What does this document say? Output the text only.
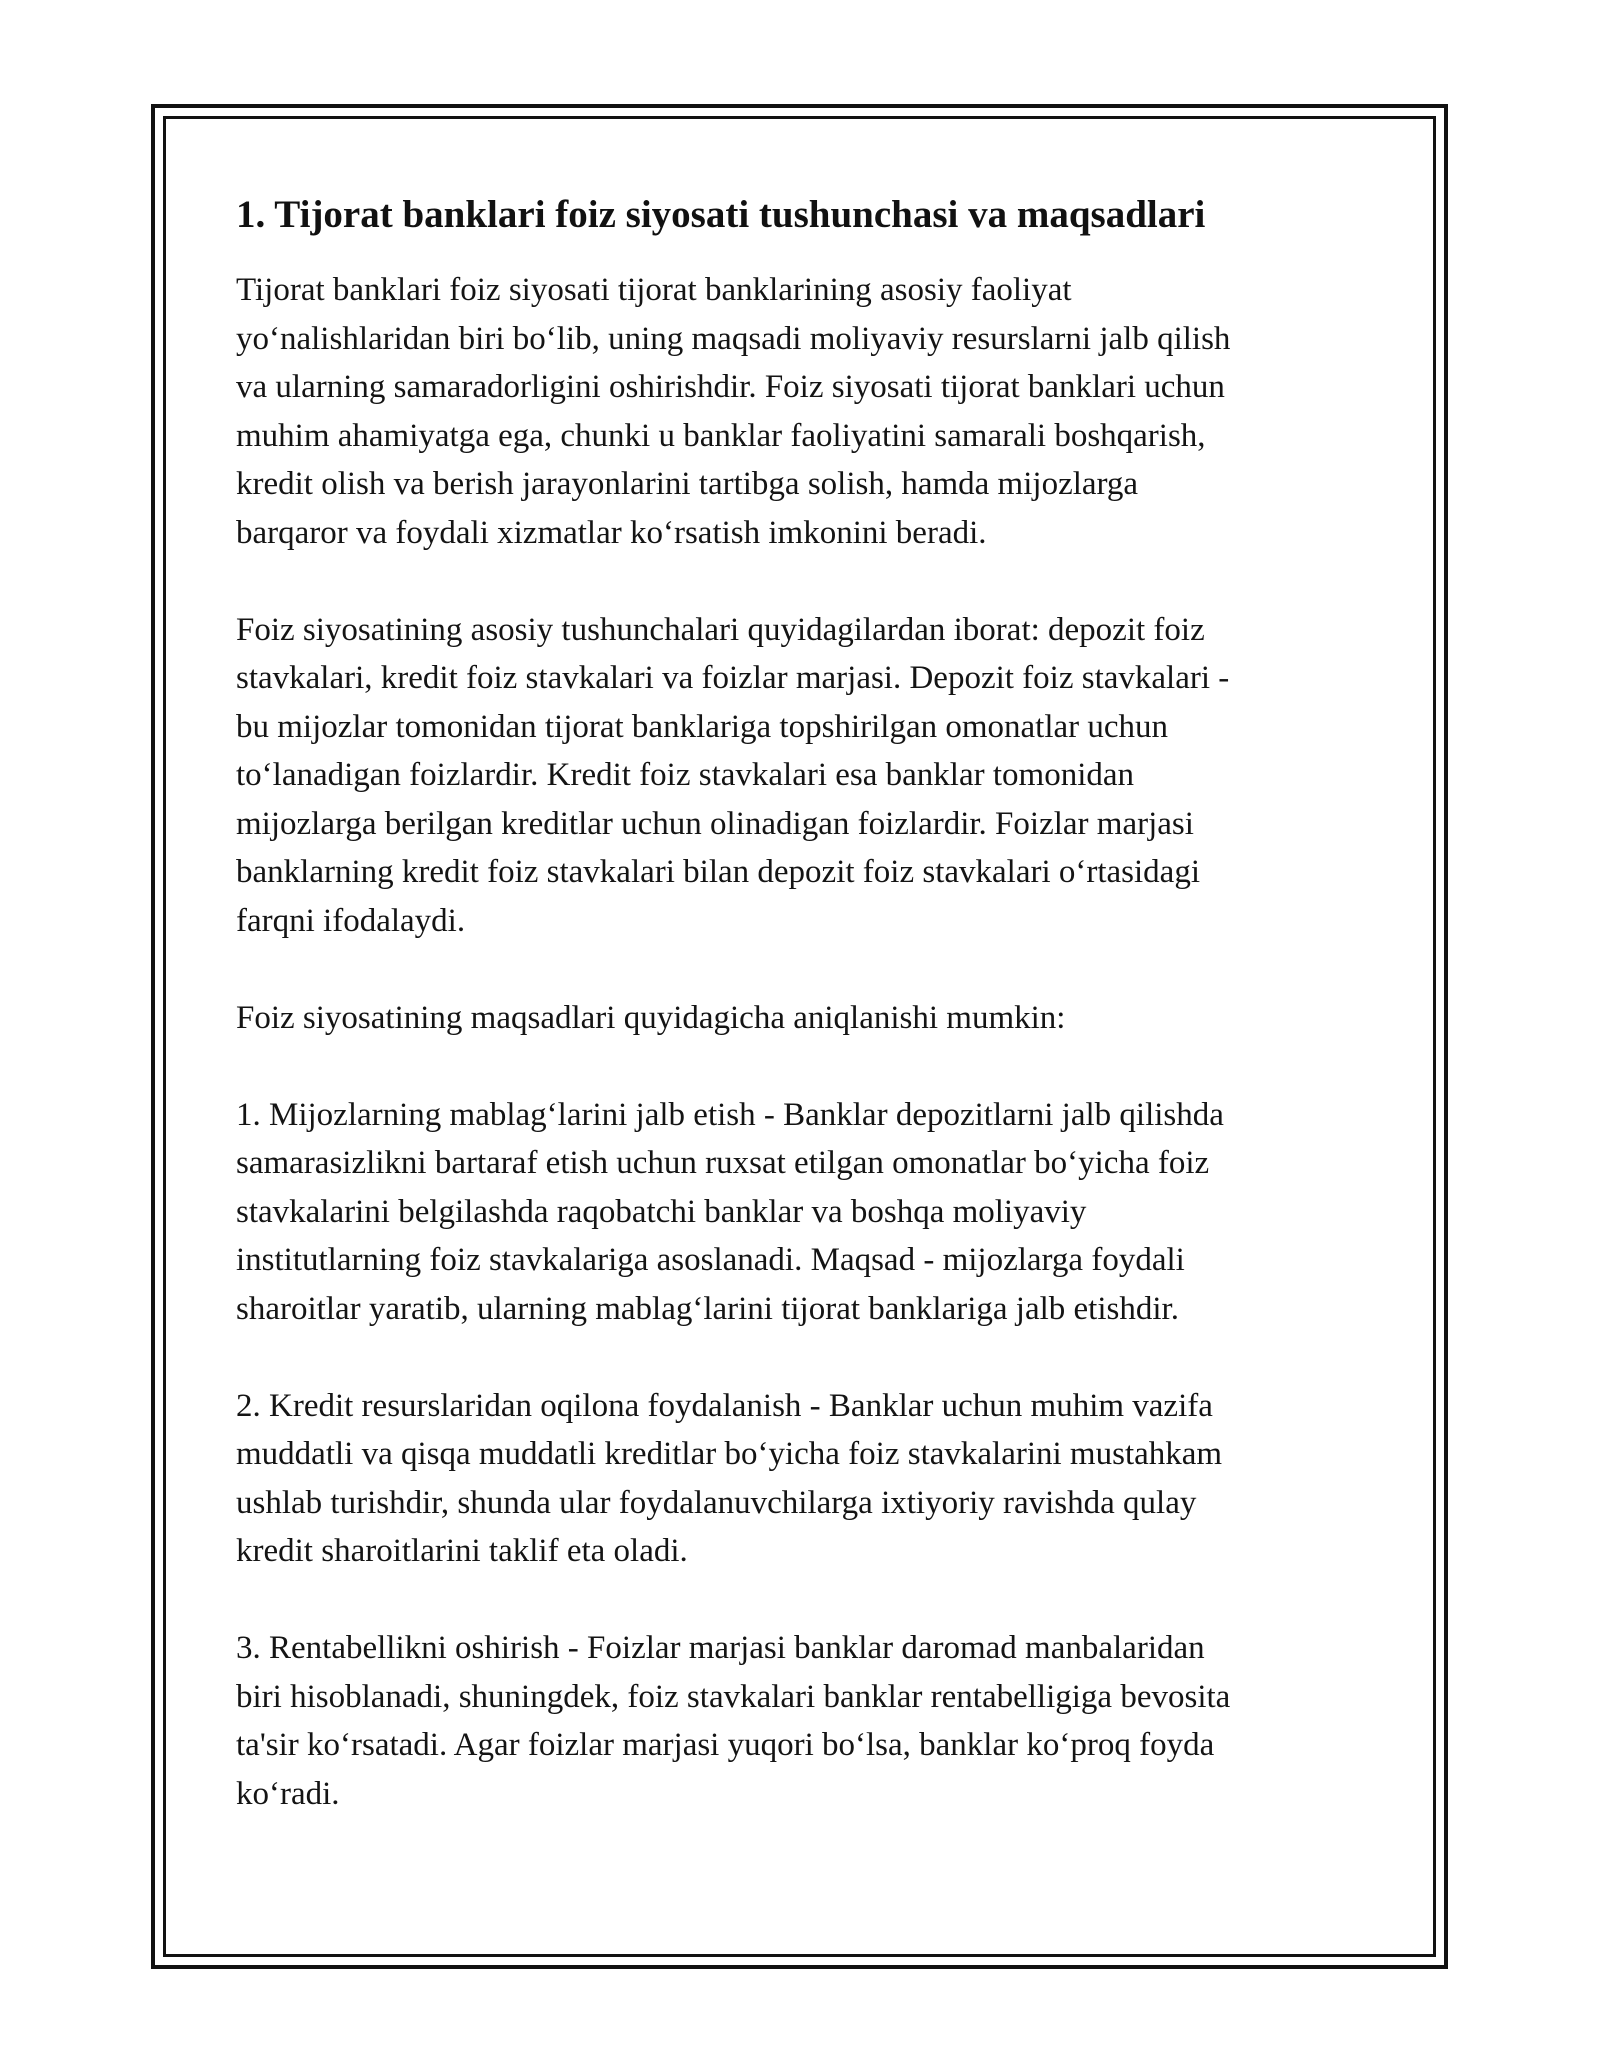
1. Tijorat banklari foiz siyosati tushunchasi va maqsadlari

Tijorat banklari foiz siyosati tijorat banklarining asosiy faoliyat
yo‘nalishlaridan biri bo‘lib, uning maqsadi moliyaviy resurslarni jalb qilish
va ularning samaradorligini oshirishdir. Foiz siyosati tijorat banklari uchun
muhim ahamiyatga ega, chunki u banklar faoliyatini samarali boshqarish,
kredit olish va berish jarayonlarini tartibga solish, hamda mijozlarga
barqaror va foydali xizmatlar ko‘rsatish imkonini beradi.

Foiz siyosatining asosiy tushunchalari quyidagilardan iborat: depozit foiz
stavkalari, kredit foiz stavkalari va foizlar marjasi. Depozit foiz stavkalari -
bu mijozlar tomonidan tijorat banklariga topshirilgan omonatlar uchun
to‘lanadigan foizlardir. Kredit foiz stavkalari esa banklar tomonidan
mijozlarga berilgan kreditlar uchun olinadigan foizlardir. Foizlar marjasi
banklarning kredit foiz stavkalari bilan depozit foiz stavkalari o‘rtasidagi
farqni ifodalaydi.

Foiz siyosatining maqsadlari quyidagicha aniqlanishi mumkin:

1. Mijozlarning mablag‘larini jalb etish - Banklar depozitlarni jalb qilishda
samarasizlikni bartaraf etish uchun ruxsat etilgan omonatlar bo‘yicha foiz
stavkalarini belgilashda raqobatchi banklar va boshqa moliyaviy
institutlarning foiz stavkalariga asoslanadi. Maqsad - mijozlarga foydali
sharoitlar yaratib, ularning mablag‘larini tijorat banklariga jalb etishdir.

2. Kredit resurslaridan oqilona foydalanish - Banklar uchun muhim vazifa
muddatli va qisqa muddatli kreditlar bo‘yicha foiz stavkalarini mustahkam
ushlab turishdir, shunda ular foydalanuvchilarga ixtiyoriy ravishda qulay
kredit sharoitlarini taklif eta oladi.

3. Rentabellikni oshirish - Foizlar marjasi banklar daromad manbalaridan
biri hisoblanadi, shuningdek, foiz stavkalari banklar rentabelligiga bevosita
ta'sir ko‘rsatadi. Agar foizlar marjasi yuqori bo‘lsa, banklar ko‘proq foyda
ko‘radi.
